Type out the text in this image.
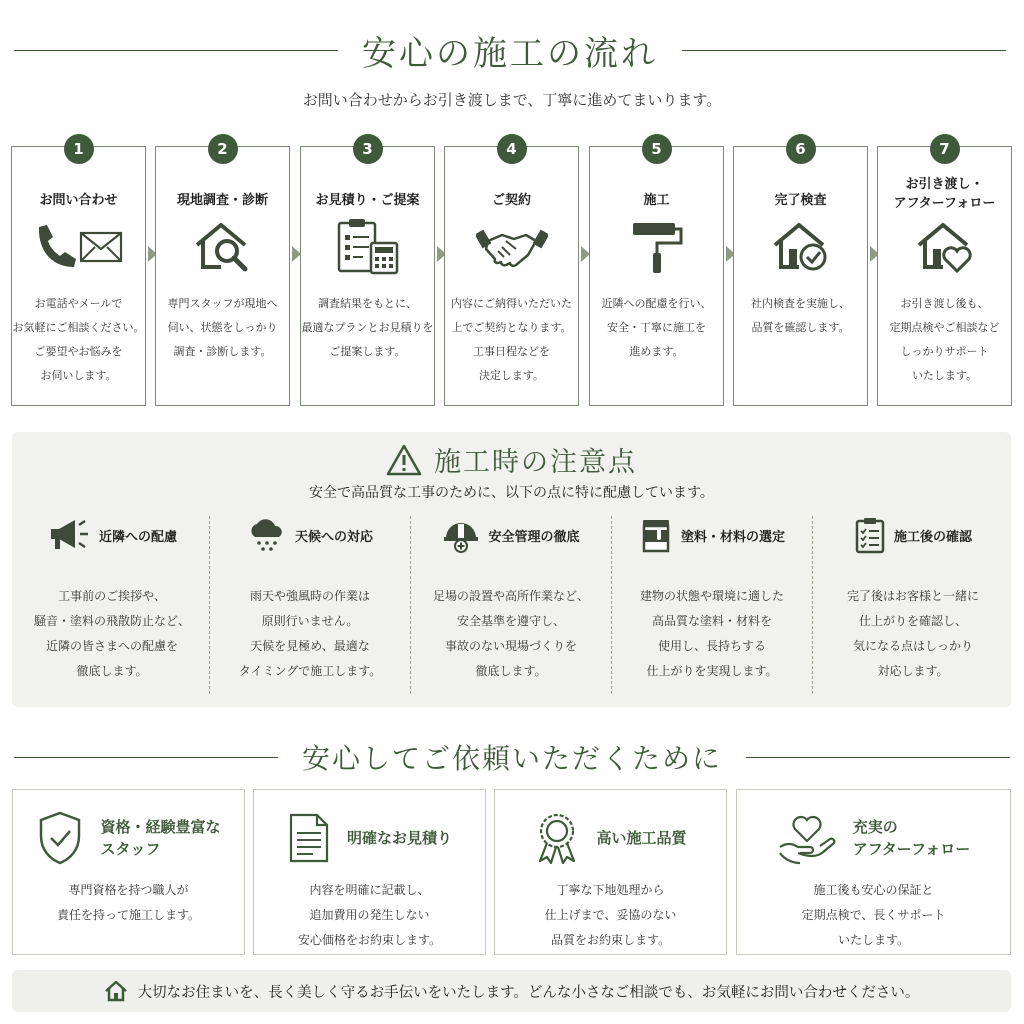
安心の施工の流れ
お問い合わせからお引き渡しまで、丁寧に進めてまいります。
1
お問い合わせ
お電話やメールで
お気軽にご相談ください。
ご要望やお悩みを
お伺いします。
2
現地調査・診断
専門スタッフが現地へ
伺い、状態をしっかり
調査・診断します。
3
お見積り・ご提案
調査結果をもとに、
最適なプランとお見積りを
ご提案します。
4
ご契約
内容にご納得いただいた
上でご契約となります。
工事日程などを
決定します。
5
施工
近隣への配慮を行い、
安全・丁寧に施工を
進めます。
6
完了検査
社内検査を実施し、
品質を確認します。
7
お引き渡し・
アフターフォロー
お引き渡し後も、
定期点検やご相談など
しっかりサポート
いたします。
施工時の注意点
安全で高品質な工事のために、以下の点に特に配慮しています。
近隣への配慮
工事前のご挨拶や、
騒音・塗料の飛散防止など、
近隣の皆さまへの配慮を
徹底します。
天候への対応
雨天や強風時の作業は
原則行いません。
天候を見極め、最適な
タイミングで施工します。
安全管理の徹底
足場の設置や高所作業など、
安全基準を遵守し、
事故のない現場づくりを
徹底します。
塗料・材料の選定
建物の状態や環境に適した
高品質な塗料・材料を
使用し、長持ちする
仕上がりを実現します。
施工後の確認
完了後はお客様と一緒に
仕上がりを確認し、
気になる点はしっかり
対応します。
安心してご依頼いただくために
資格・経験豊富な
スタッフ
専門資格を持つ職人が
責任を持って施工します。
明確なお見積り
内容を明確に記載し、
追加費用の発生しない
安心価格をお約束します。
高い施工品質
丁寧な下地処理から
仕上げまで、妥協のない
品質をお約束します。
充実の
アフターフォロー
施工後も安心の保証と
定期点検で、長くサポート
いたします。
大切なお住まいを、長く美しく守るお手伝いをいたします。どんな小さなご相談でも、お気軽にお問い合わせください。
